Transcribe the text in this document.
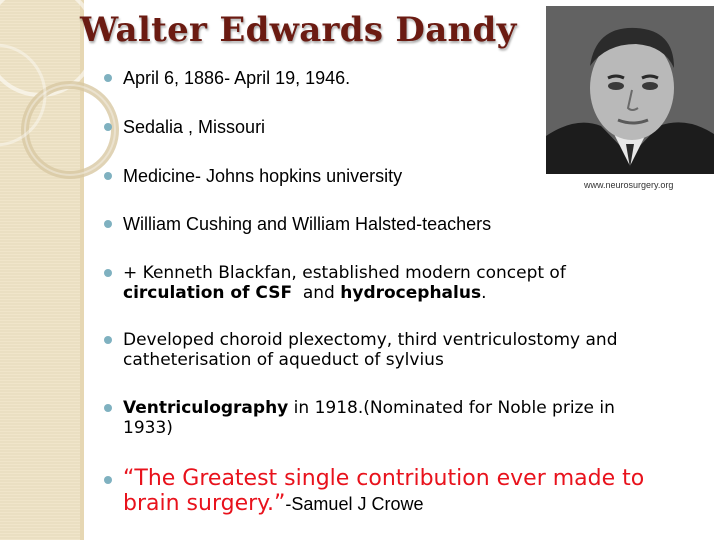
Walter Edwards Dandy
www.neurosurgery.org
April 6, 1886- April 19, 1946.
Sedalia , Missouri
Medicine- Johns hopkins university
William Cushing and William Halsted-teachers
+ Kenneth Blackfan, established modern concept of
circulation of CSF  and hydrocephalus.
Developed choroid plexectomy, third ventriculostomy and
catheterisation of aqueduct of sylvius
Ventriculography in 1918.(Nominated for Noble prize in
1933)
“The Greatest single contribution ever made to
brain surgery.”-Samuel J Crowe
